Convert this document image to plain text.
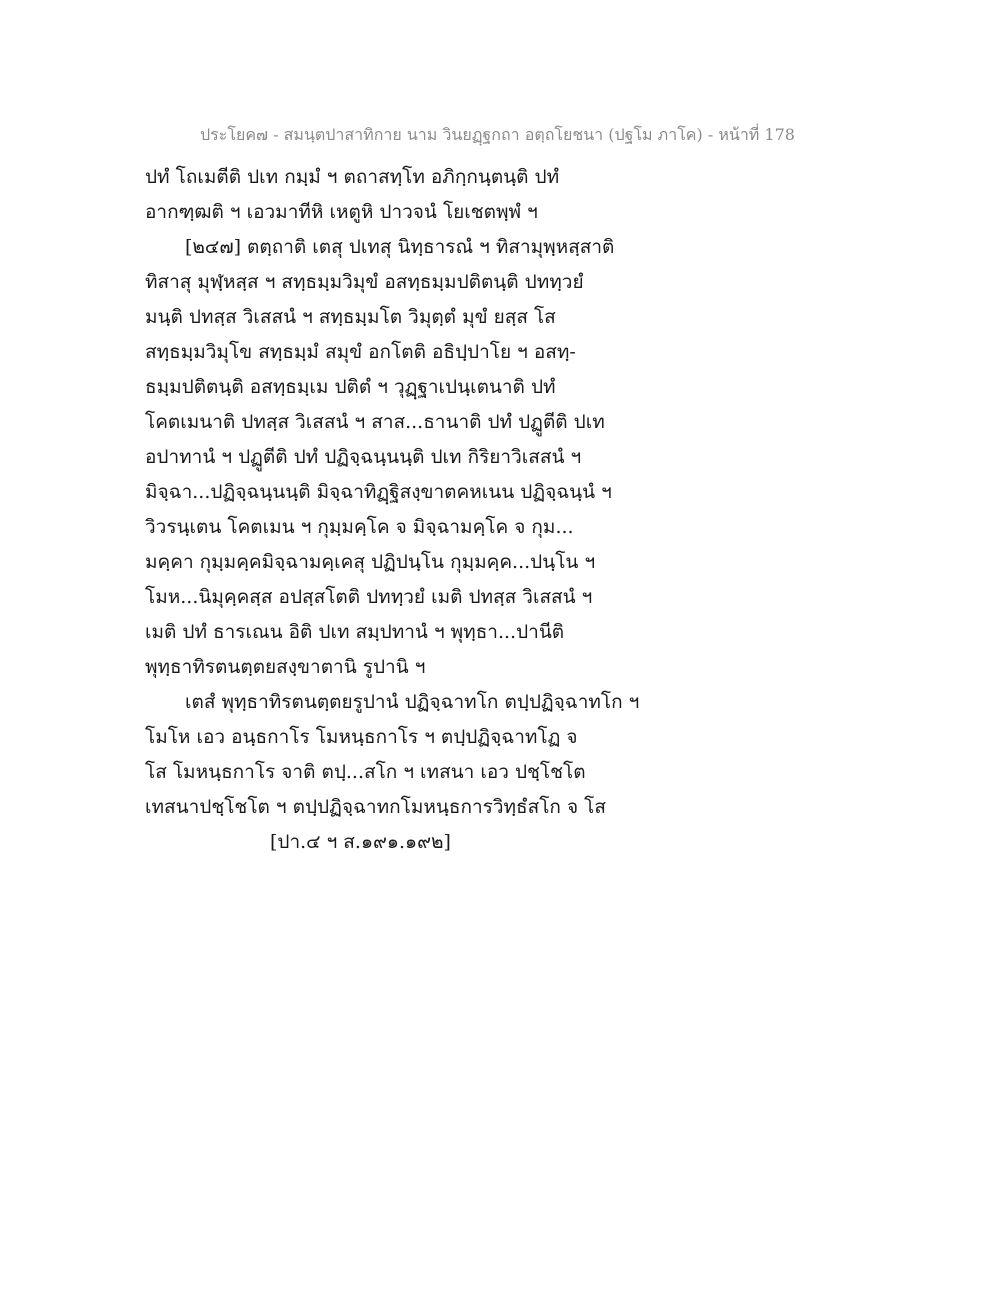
ประโยค๗ - สมนฺตปาสาทิกาย นาม วินยฏฺฐกถา อตฺถโยชนา (ปฐโม ภาโค) - หน้าที่ 178
ปทํ โถเมตีติ ปเท กมฺมํ ฯ ตถาสทฺโท อภิกฺกนฺตนฺติ ปทํ
อากฑฺฒติ ฯ เอวมาทีหิ เหตูหิ ปาวจนํ โยเชตพฺพํ ฯ
[๒๔๗] ตตฺถาติ เตสุ ปเทสุ นิทฺธารณํ ฯ ทิสามุพฺหสฺสาติ
ทิสาสุ มุฬฺหสฺส ฯ สทฺธมฺมวิมุขํ อสทฺธมฺมปติตนฺติ ปททฺวยํ
มนฺติ ปทสฺส วิเสสนํ ฯ สทฺธมฺมโต วิมุตฺตํ มุขํ ยสฺส โส
สทฺธมฺมวิมุโข สทฺธมฺมํ สมุขํ อกโตติ อธิปฺปาโย ฯ อสทฺ-
ธมฺมปติตนฺติ อสทฺธมฺเม ปติตํ ฯ วุฏฺฐาเปนฺเตนาติ ปทํ
โคตเมนาติ ปทสฺส วิเสสนํ ฯ สาส...ธานาติ ปทํ ปฏูตีติ ปเท
อปาทานํ ฯ ปฏูตีติ ปทํ ปฏิจฺฉนฺนนฺติ ปเท กิริยาวิเสสนํ ฯ
มิจฺฉา...ปฏิจฺฉนฺนนฺติ มิจฺฉาทิฏฺฐิสงฺขาตคหเนน ปฏิจฺฉนฺนํ ฯ
วิวรนฺเตน โคตเมน ฯ กุมฺมคฺโค จ มิจฺฉามคฺโค จ กุม...
มคฺคา กุมฺมคฺคมิจฺฉามคฺเคสุ ปฏิปนฺโน กุมฺมคฺค...ปนฺโน ฯ
โมห...นิมุคฺคสฺส อปสฺสโตติ ปททฺวยํ เมติ ปทสฺส วิเสสนํ ฯ
เมติ ปทํ ธารเณน อิติ ปเท สมฺปทานํ ฯ พุทฺธา...ปานีติ
พุทฺธาทิรตนตฺตยสงฺขาตานิ รูปานิ ฯ
เตสํ พุทฺธาทิรตนตฺตยรูปานํ ปฏิจฺฉาทโก ตปฺปฏิจฺฉาทโก ฯ
โมโห เอว อนฺธกาโร โมหนฺธกาโร ฯ ตปฺปฏิจฺฉาทโฏ จ
โส โมหนฺธกาโร จาติ ตปฺ...สโก ฯ เทสนา เอว ปชฺโชโต
เทสนาปชฺโชโต ฯ ตปฺปฏิจฺฉาทกโมหนฺธการวิทฺธํสโก จ โส
[ปา.๔ ฯ ส.๑๙๑.๑๙๒]
